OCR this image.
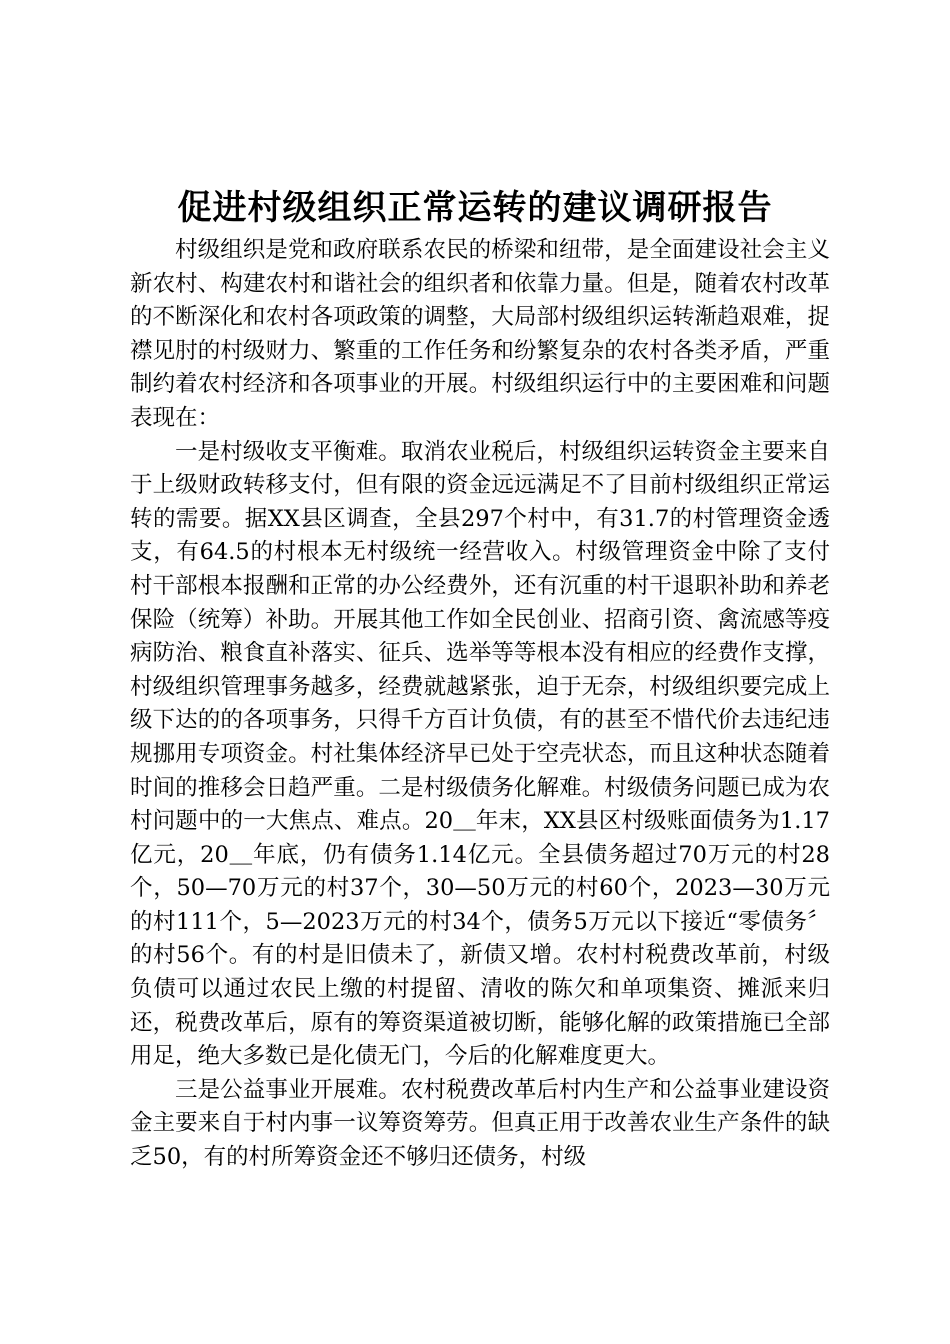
促进村级组织正常运转的建议调研报告

村级组织是党和政府联系农民的桥梁和纽带，是全面建设社会主义新农村、构建农村和谐社会的组织者和依靠力量。但是，随着农村改革的不断深化和农村各项政策的调整，大局部村级组织运转渐趋艰难，捉襟见肘的村级财力、繁重的工作任务和纷繁复杂的农村各类矛盾，严重制约着农村经济和各项事业的开展。村级组织运行中的主要困难和问题表现在：

一是村级收支平衡难。取消农业税后，村级组织运转资金主要来自于上级财政转移支付，但有限的资金远远满足不了目前村级组织正常运转的需要。据XX县区调查，全县297个村中，有31.7的村管理资金透支，有64.5的村根本无村级统一经营收入。村级管理资金中除了支付村干部根本报酬和正常的办公经费外，还有沉重的村干退职补助和养老保险（统筹）补助。开展其他工作如全民创业、招商引资、禽流感等疫病防治、粮食直补落实、征兵、选举等等根本没有相应的经费作支撑，村级组织管理事务越多，经费就越紧张，迫于无奈，村级组织要完成上级下达的的各项事务，只得千方百计负债，有的甚至不惜代价去违纪违规挪用专项资金。村社集体经济早已处于空壳状态，而且这种状态随着时间的推移会日趋严重。二是村级债务化解难。村级债务问题已成为农村问题中的一大焦点、难点。20＿年末，XX县区村级账面债务为1.17亿元，20＿年底，仍有债务1.14亿元。全县债务超过70万元的村28个，50—70万元的村37个，30—50万元的村60个，2023—30万元的村111个，5—2023万元的村34个，债务5万元以下接近“零债务〞的村56个。有的村是旧债未了，新债又增。农村村税费改革前，村级负债可以通过农民上缴的村提留、清收的陈欠和单项集资、摊派来归还，税费改革后，原有的筹资渠道被切断，能够化解的政策措施已全部用足，绝大多数已是化债无门，今后的化解难度更大。

三是公益事业开展难。农村税费改革后村内生产和公益事业建设资金主要来自于村内事一议筹资筹劳。但真正用于改善农业生产条件的缺乏50，有的村所筹资金还不够归还债务，村级
